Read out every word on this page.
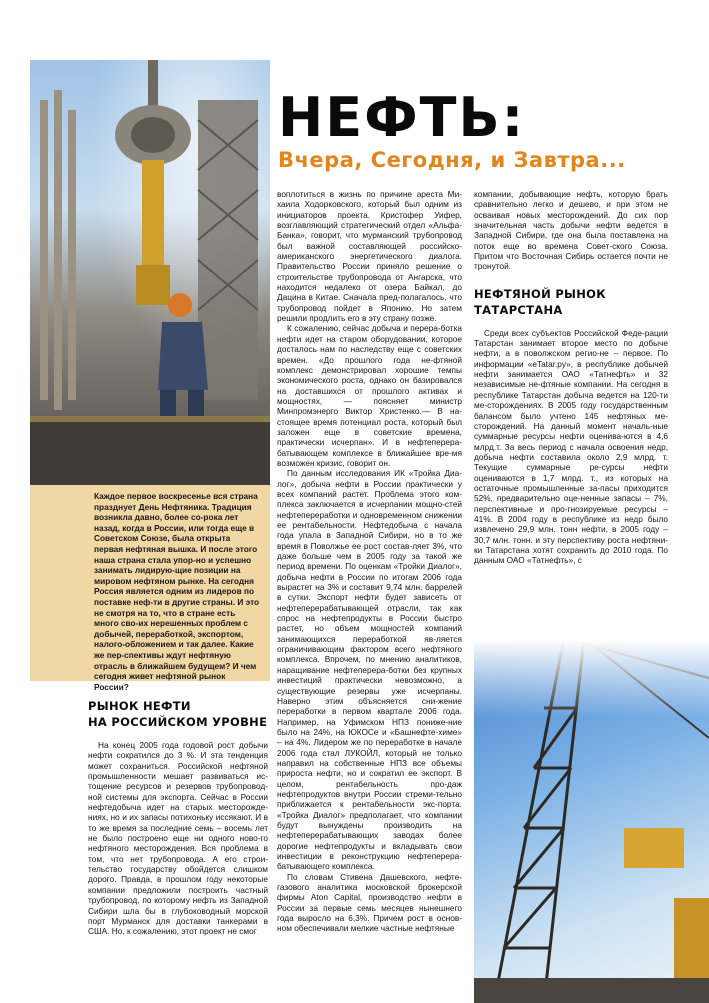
Каждое первое воскресенье вся страна празднует День Нефтяника. Традиция возникла давно, более со-рока лет назад, когда в России, или тогда еще в Советском Союзе, была открыта первая нефтяная вышка. И после этого наша страна стала упор-но и успешно занимать лидирую-щие позиции на мировом нефтяном рынке. На сегодня Россия является одним из лидеров по поставке неф-ти в другие страны. И это не смотря на то, что в стране есть много сво-их нерешенных проблем с добычей, переработкой, экспортом, налого-обложением и так далее. Какие же пер-спективы ждут нефтяную отрасль в ближайшем будущем? И чем сегодня живет нефтяной рынок России?
НЕФТЬ:
Вчера, Сегодня, и Завтра...
РЫНОК НЕФТИ
НА РОССИЙСКОМ УРОВНЕ

На конец 2005 года годовой рост добычи нефти сократился до 3 %. И эта тенденция может сохраниться. Российской нефтяной промышленности мешает развиваться ис-тощение ресурсов и резервов трубопровод-ной системы для экспорта. Сейчас в России нефтедобыча идет на старых месторожде-ниях, но и их запасы потихоньку иссякают. И в то же время за последние семь – восемь лет не было построено еще ни одного ново-го нефтяного месторождения. Вся проблема в том, что нет трубопровода. А его строи-тельство государству обойдется слишком дорого. Правда, в прошлом году некоторые компании предложили построить частный трубопровод, по которому нефть из Западной Сибири шла бы в глубоководный морской порт Мурманск для доставки танкерами в США. Но, к сожалению, этот проект не смог

воплотиться в жизнь по причине ареста Ми-хаила Ходорковского, который был одним из инициаторов проекта. Кристофер Уифер, возглавляющий стратегический отдел «Альфа-Банка», говорит, что мурманский трубопровод был важной составляющей российско-американского энергетического диалога. Правительство России приняло решение о строительстве трубопровода от Ангарска, что находится недалеко от озера Байкал, до Дацина в Китае. Сначала пред-полагалось, что трубопровод пойдет в Японию. Но затем решили продлить его в эту страну позже.

К сожалению, сейчас добыча и перера-ботка нефти идет на старом оборудовании, которое досталось нам по наследству еще с советских времен. «До прошлого года не-фтяной комплекс демонстрировал хорошие темпы экономического роста, однако он базировался на доставшихся от прошлого активах и мощностях, — поясняет министр Минпромэнерго Виктор Христенко.— В на-стоящее время потенциал роста, который был заложен еще в советские времена, практически исчерпан». И в нефтеперера-батывающем комплексе в ближайшее вре-мя возможен кризис, говорит он.

По данным исследования ИК «Тройка Диа-лог», добыча нефти в России практически у всех компаний растет. Проблема этого ком-плекса заключается в исчерпании мощно-стей нефтепереработки и одновременном снижении ее рентабельности. Нефтедобыча с начала года упала в Западной Сибири, но в то же время в Поволжье ее рост состав-ляет 3%, что даже больше чем в 2005 году за такой же период времени. По оценкам «Тройки Диалог», добыча нефти в России по итогам 2006 года вырастет на 3% и составит 9,74 млн. баррелей в сутки. Экспорт нефти будет зависеть от нефтеперерабатывающей отрасли, так как спрос на нефтепродукты в России быстро растет, но объем мощностей компаний занимающихся переработкой яв-ляется ограничивающим фактором всего нефтяного комплекса. Впрочем, по мнению аналитиков, наращивание нефтеперера-ботки без крупных инвестиций практически невозможно, а существующие резервы уже исчерпаны. Наверно этим объясняется сни-жение переработки в первом квартале 2006 года. Например, на Уфимском НПЗ пониже-ние было на 24%, на ЮКОСе и «Башнефте-химе» – на 4%. Лидером же по переработке в начале 2006 года стал ЛУКОЙЛ, который не только направил на собственные НПЗ все объемы прироста нефти, но и сократил ее экспорт. В целом, рентабельность про-даж нефтепродуктов внутри России стреми-тельно приближается к рентабельности экс-порта. «Тройка Диалог» предполагает, что компании будут вынуждены производить на нефтеперерабатывающих заводах более дорогие нефтепродукты и вкладывать свои инвестиции в реконструкцию нефтеперера-батывающего комплекса.

По словам Стивена Дашевского, нефте-газового аналитика московской брокерской фирмы Aton Capital, производство нефти в России за первые семь месяцев нынешнего года выросло на 6,3%. Причем рост в основ-ном обеспечивали мелкие частные нефтяные

компании, добывающие нефть, которую брать сравнительно легко и дешево, и при этом не осваивая новых месторождений. До сих пор значительная часть добычи нефти ведется в Западной Сибири, где она была поставлена на поток еще во времена Совет-ского Союза. Притом что Восточная Сибирь остается почти не тронутой.

НЕФТЯНОЙ РЫНОК
ТАТАРСТАНА

Среди всех субъектов Российской Феде-рации Татарстан занимает второе место по добыче нефти, а в поволжском регио-не – первое. По информации «eTatar.ру», в республике добычей нефти занимается ОАО «Татнефть» и 32 независимые не-фтяные компании. На сегодня в республике Татарстан добыча ведется на 120-ти ме-сторождениях. В 2005 году государственным балансом было учтено 145 нефтяных ме-сторождений. На данный момент началь-ные суммарные ресурсы нефти оценива-ются в 4,6 млрд.т. За весь период с начала освоения недр, добыча нефти составила около 2,9 млрд. т. Текущие суммарные ре-сурсы нефти оцениваются в 1,7 млрд. т., из которых на остаточные промышленные за-пасы приходится 52%, предварительно оце-ненные запасы – 7%, перспективные и про-гнозируемые ресурсы – 41%. В 2004 году в республике из недр было извлечено 29,9 млн. тонн нефти, в 2005 году – 30,7 млн. тонн. и эту перспективу роста нефтяни-ки Татарстана хотят сохранить до 2010 года. По данным ОАО «Татнефть», с
